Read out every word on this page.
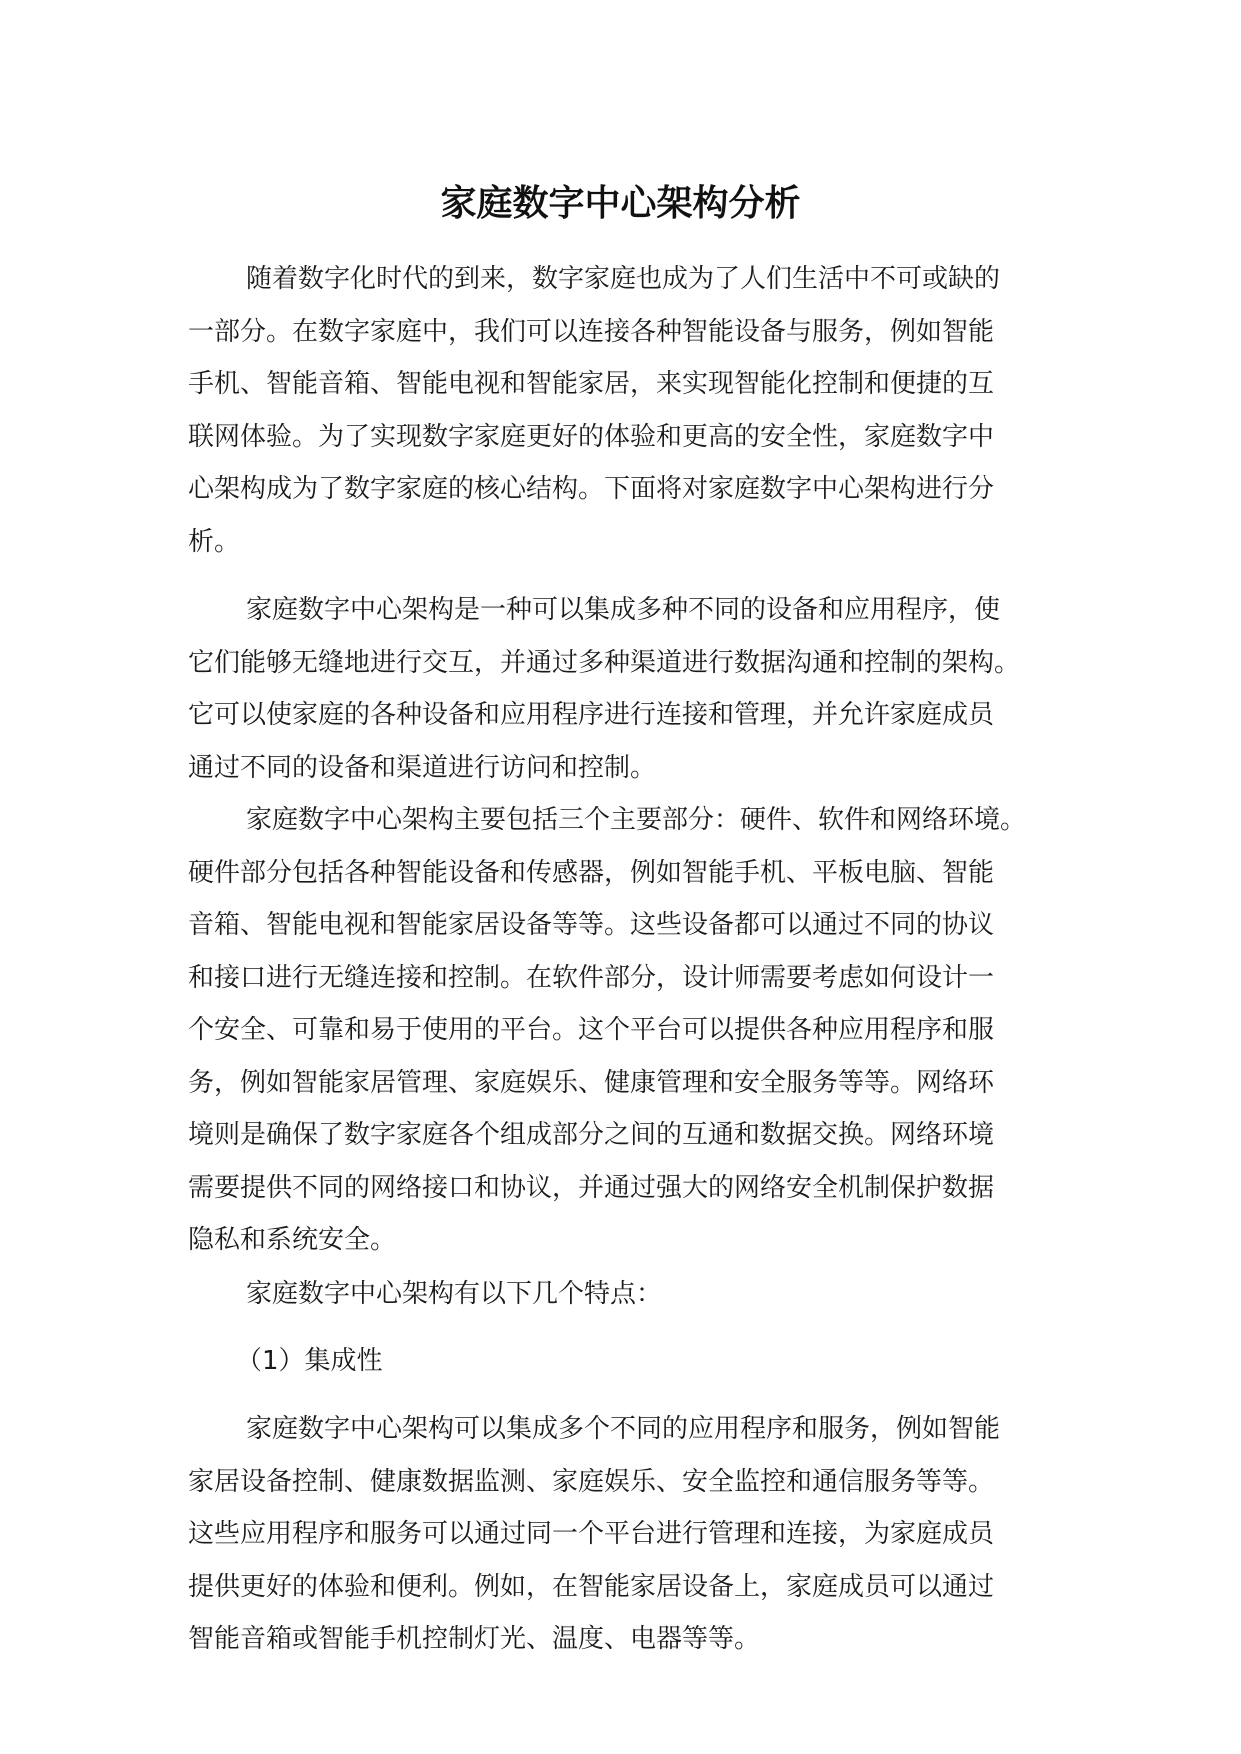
家庭数字中心架构分析
随着数字化时代的到来，数字家庭也成为了人们生活中不可或缺的
一部分。在数字家庭中，我们可以连接各种智能设备与服务，例如智能
手机、智能音箱、智能电视和智能家居，来实现智能化控制和便捷的互
联网体验。为了实现数字家庭更好的体验和更高的安全性，家庭数字中
心架构成为了数字家庭的核心结构。下面将对家庭数字中心架构进行分
析。
家庭数字中心架构是一种可以集成多种不同的设备和应用程序，使
它们能够无缝地进行交互，并通过多种渠道进行数据沟通和控制的架构。
它可以使家庭的各种设备和应用程序进行连接和管理，并允许家庭成员
通过不同的设备和渠道进行访问和控制。
家庭数字中心架构主要包括三个主要部分：硬件、软件和网络环境。
硬件部分包括各种智能设备和传感器，例如智能手机、平板电脑、智能
音箱、智能电视和智能家居设备等等。这些设备都可以通过不同的协议
和接口进行无缝连接和控制。在软件部分，设计师需要考虑如何设计一
个安全、可靠和易于使用的平台。这个平台可以提供各种应用程序和服
务，例如智能家居管理、家庭娱乐、健康管理和安全服务等等。网络环
境则是确保了数字家庭各个组成部分之间的互通和数据交换。网络环境
需要提供不同的网络接口和协议，并通过强大的网络安全机制保护数据
隐私和系统安全。
家庭数字中心架构有以下几个特点：
（1）集成性
家庭数字中心架构可以集成多个不同的应用程序和服务，例如智能
家居设备控制、健康数据监测、家庭娱乐、安全监控和通信服务等等。
这些应用程序和服务可以通过同一个平台进行管理和连接，为家庭成员
提供更好的体验和便利。例如，在智能家居设备上，家庭成员可以通过
智能音箱或智能手机控制灯光、温度、电器等等。
